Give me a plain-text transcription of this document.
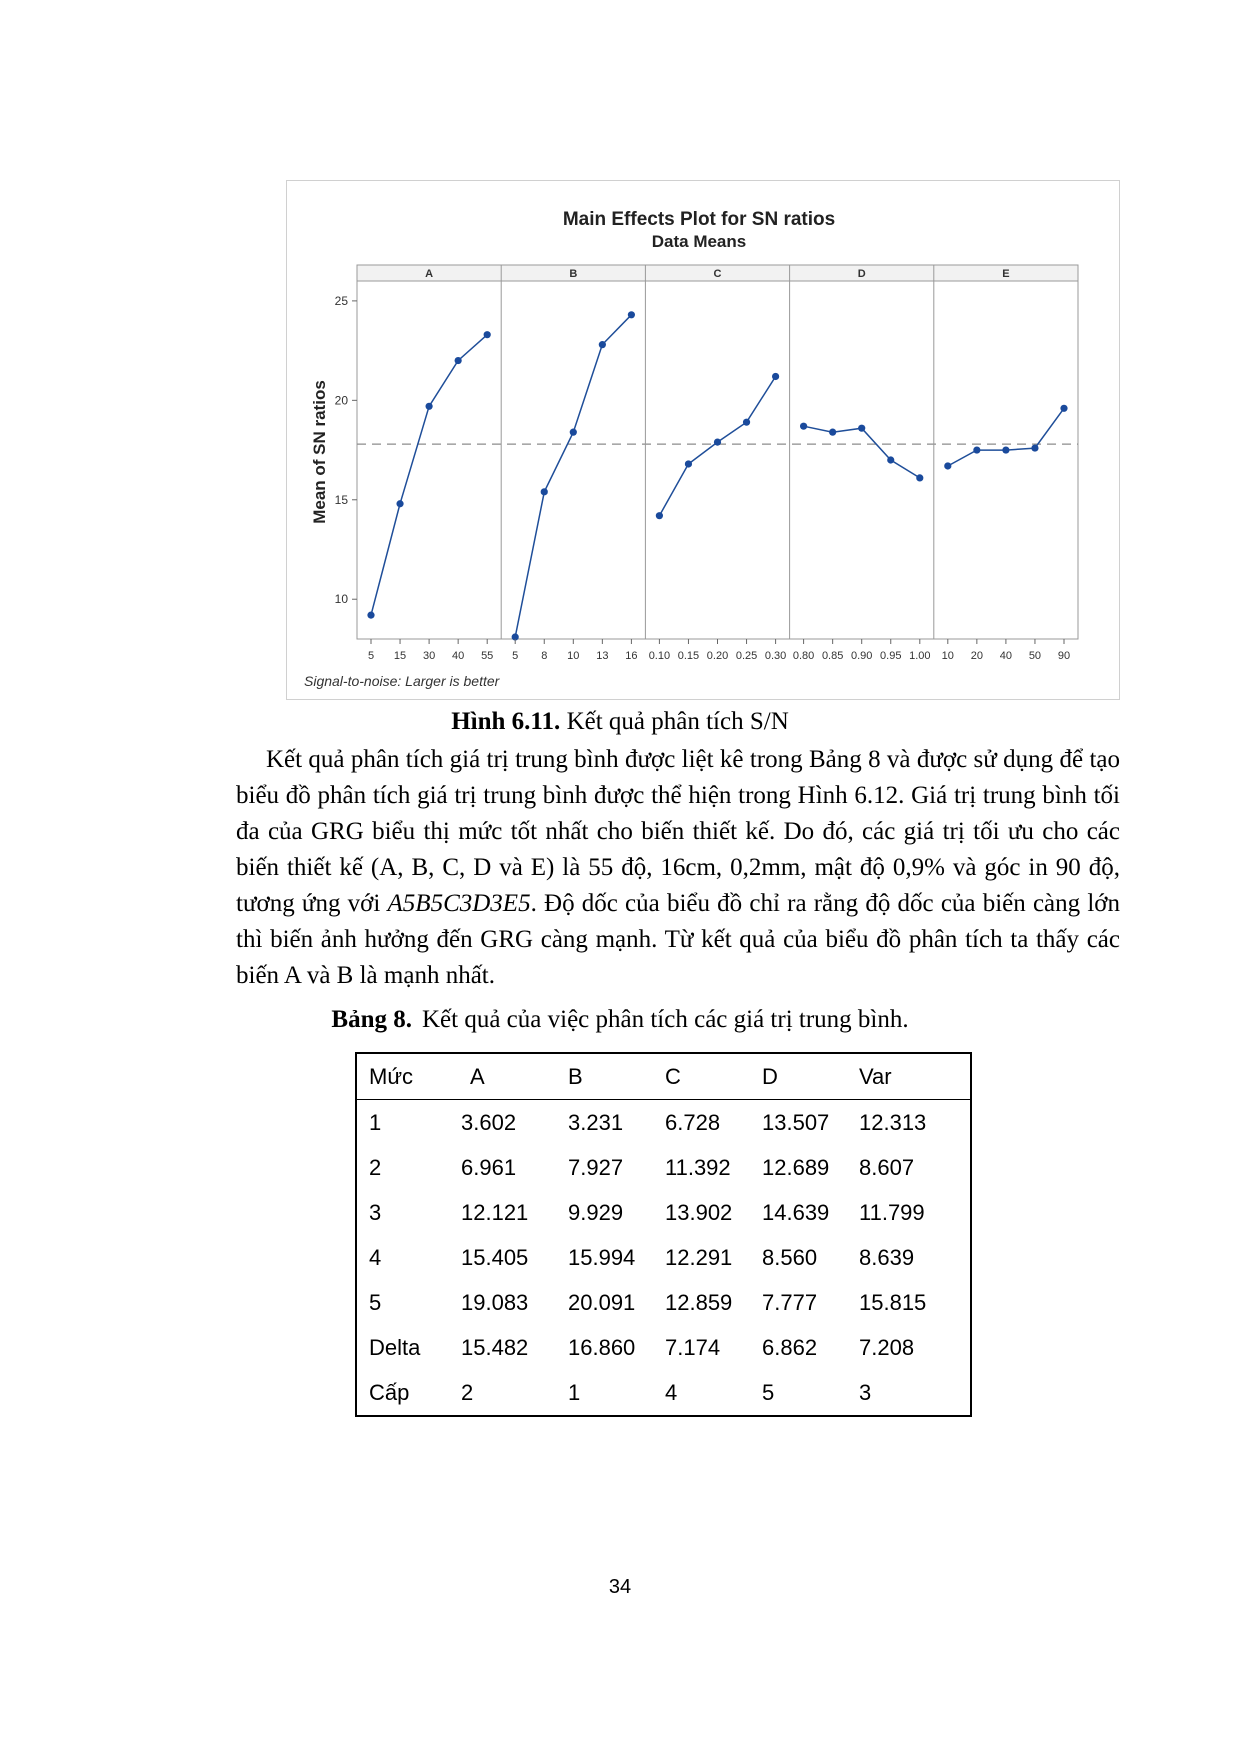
Main Effects Plot for SN ratios
Data Means
Mean of SN ratios
Signal-to-noise: Larger is better
10
15
20
25
A
5 15 30 40 55
B
5 8 10 13 16
C
0.10 0.15 0.20 0.25 0.30
D
0.80 0.85 0.90 0.95 1.00
E
10 20 40 50 90
Hình 6.11. Kết quả phân tích S/N

Kết quả phân tích giá trị trung bình được liệt kê trong Bảng 8 và được sử dụng để tạo biểu đồ phân tích giá trị trung bình được thể hiện trong Hình 6.12. Giá trị trung bình tối đa của GRG biểu thị mức tốt nhất cho biến thiết kế. Do đó, các giá trị tối ưu cho các biến thiết kế (A, B, C, D và E) là 55 độ, 16cm, 0,2mm, mật độ 0,9% và góc in 90 độ, tương ứng với A5B5C3D3E5. Độ dốc của biểu đồ chỉ ra rằng độ dốc của biến càng lớn thì biến ảnh hưởng đến GRG càng mạnh. Từ kết quả của biểu đồ phân tích ta thấy các biến A và B là mạnh nhất.

Bảng 8. Kết quả của việc phân tích các giá trị trung bình.
Mức	A	B	C	D	Var
1	3.602	3.231	6.728	13.507	12.313
2	6.961	7.927	11.392	12.689	8.607
3	12.121	9.929	13.902	14.639	11.799
4	15.405	15.994	12.291	8.560	8.639
5	19.083	20.091	12.859	7.777	15.815
Delta	15.482	16.860	7.174	6.862	7.208
Cấp	2	1	4	5	3
34
